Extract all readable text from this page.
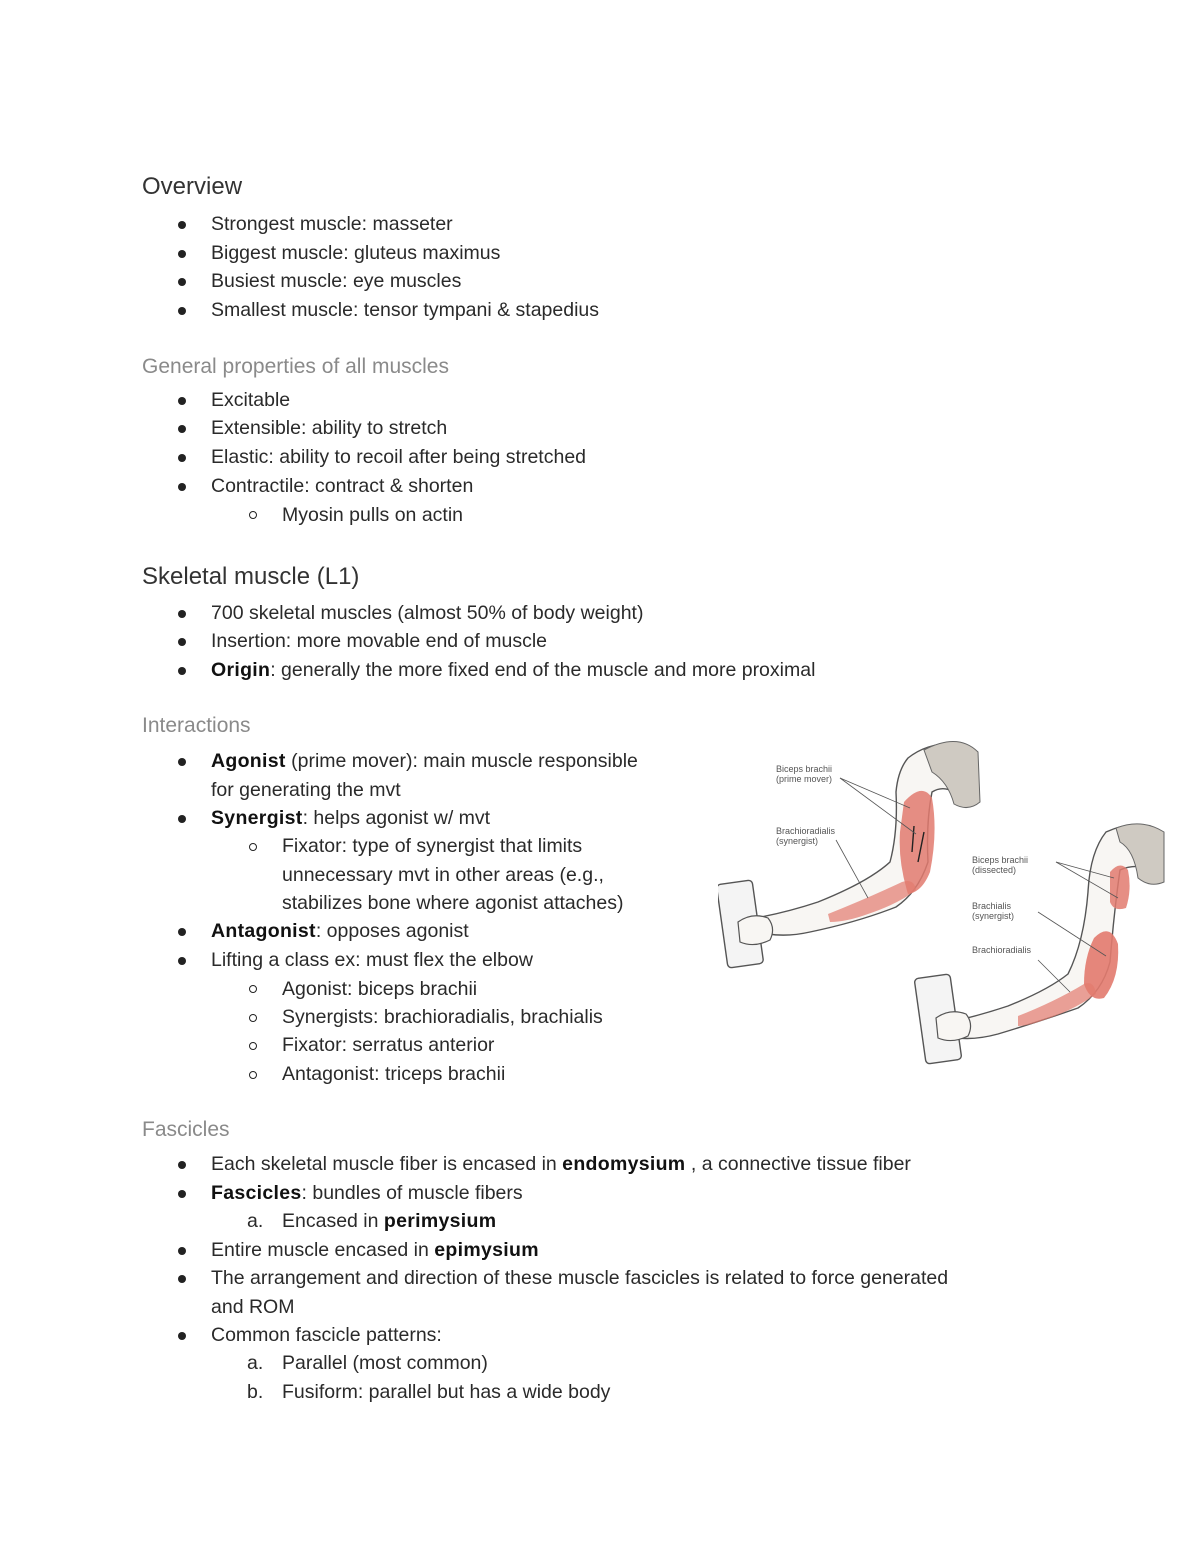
Overview
Strongest muscle: masseter
Biggest muscle: gluteus maximus
Busiest muscle: eye muscles
Smallest muscle: tensor tympani & stapedius
General properties of all muscles
Excitable
Extensible: ability to stretch
Elastic: ability to recoil after being stretched
Contractile: contract & shorten
Myosin pulls on actin
Skeletal muscle (L1)
700 skeletal muscles (almost 50% of body weight)
Insertion: more movable end of muscle
Origin: generally the more fixed end of the muscle and more proximal
Interactions
Agonist (prime mover): main muscle responsible
for generating the mvt
Synergist: helps agonist w/ mvt
Fixator: type of synergist that limits
unnecessary mvt in other areas (e.g.,
stabilizes bone where agonist attaches)
Antagonist: opposes agonist
Lifting a class ex: must flex the elbow
Agonist: biceps brachii
Synergists: brachioradialis, brachialis
Fixator: serratus anterior
Antagonist: triceps brachii
Biceps brachii
(prime mover)
Brachioradialis
(synergist)
Biceps brachii
(dissected)
Brachialis
(synergist)
Brachioradialis
Fascicles
Each skeletal muscle fiber is encased in endomysium , a connective tissue fiber
Fascicles: bundles of muscle fibers
a. Encased in perimysium
Entire muscle encased in epimysium
The arrangement and direction of these muscle fascicles is related to force generated
and ROM
Common fascicle patterns:
a. Parallel (most common)
b. Fusiform: parallel but has a wide body
